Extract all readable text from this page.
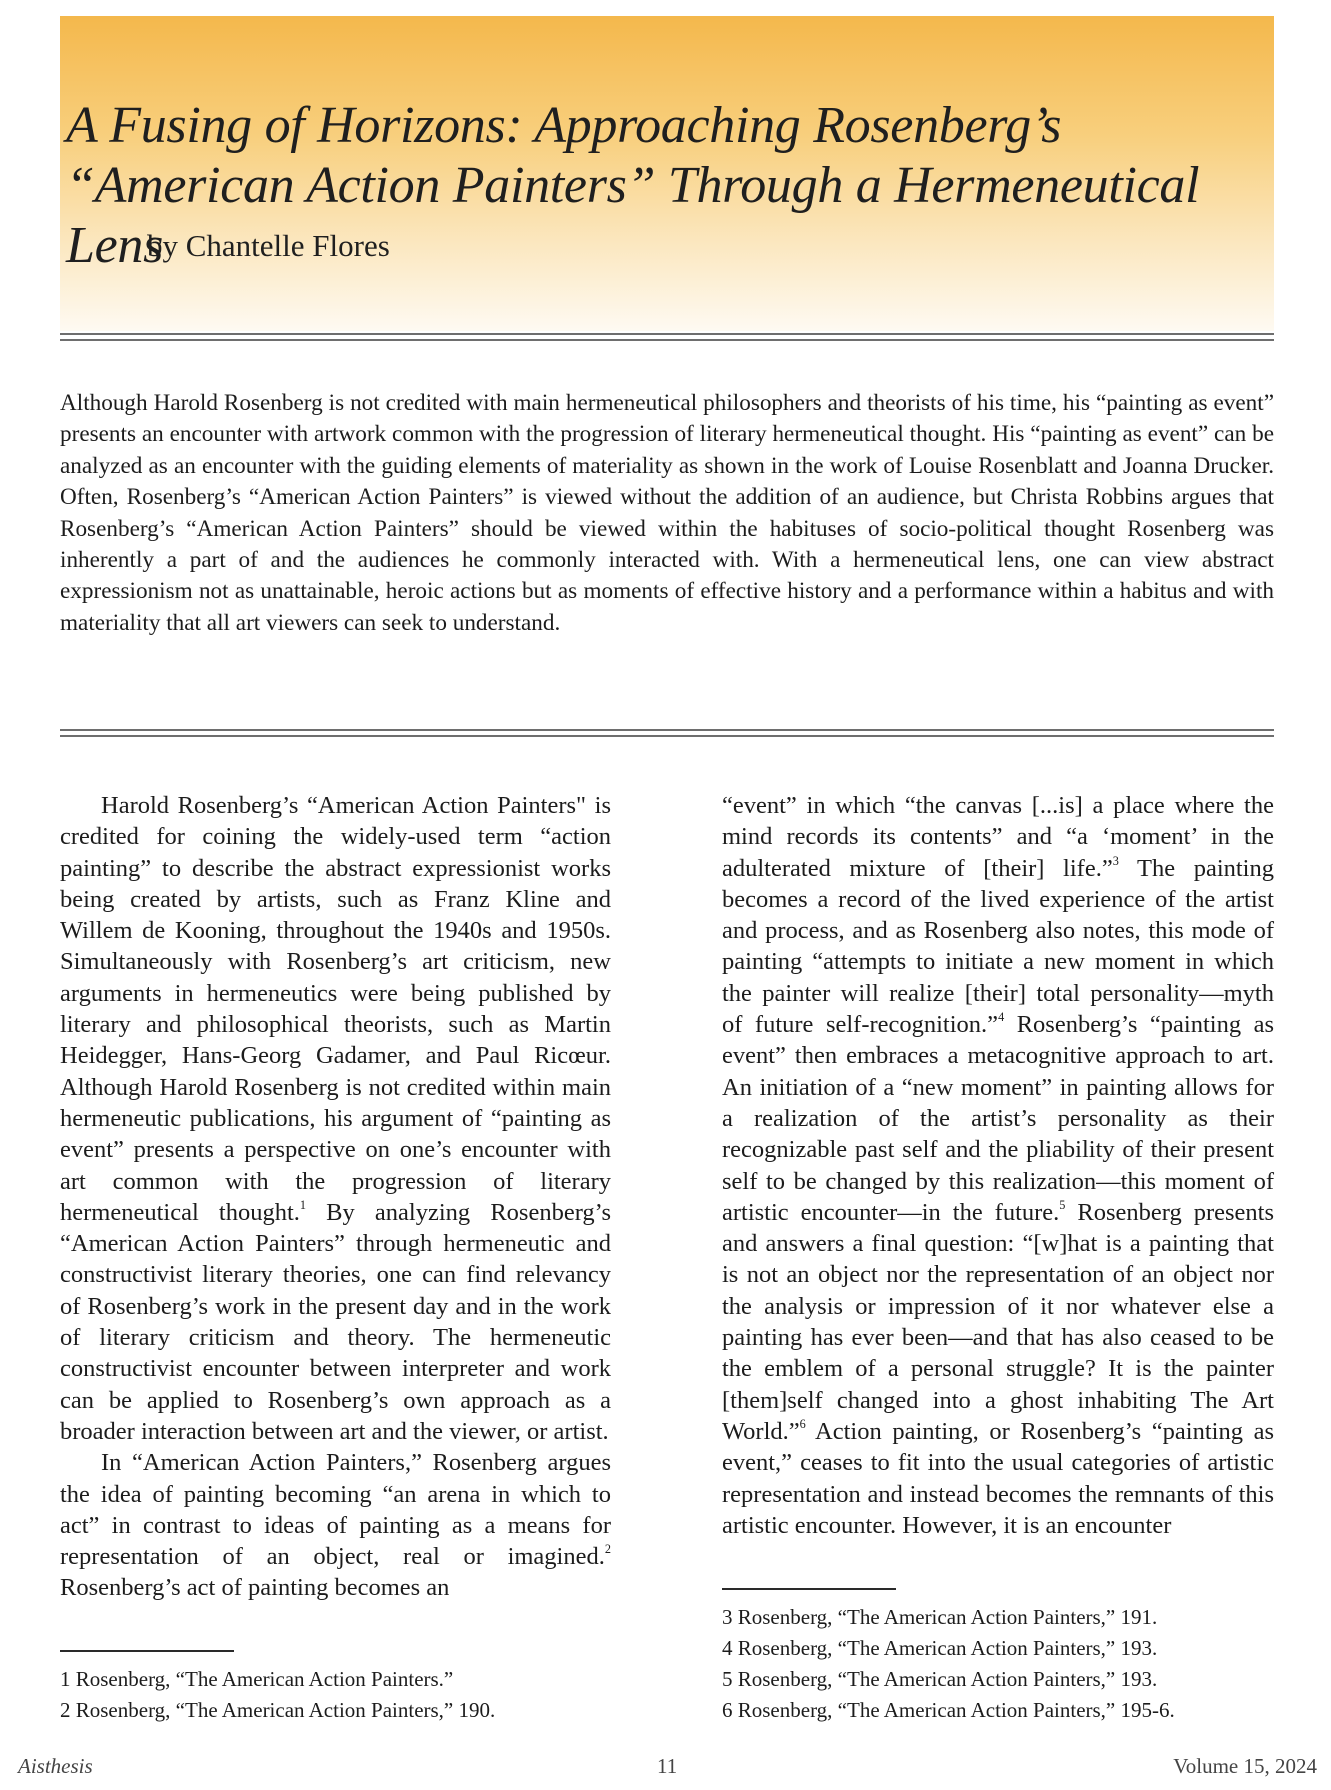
A Fusing of Horizons: Approaching Rosenberg’s “American Action Painters” Through a Hermeneutical Lens
by Chantelle Flores

Although Harold Rosenberg is not credited with main hermeneutical philosophers and theorists of his time, his “painting as event” presents an encounter with artwork common with the progression of literary hermeneutical thought. His “painting as event” can be analyzed as an encounter with the guiding elements of materiality as shown in the work of Louise Rosenblatt and Joanna Drucker. Often, Rosenberg’s “American Action Painters” is viewed without the addition of an audience, but Christa Robbins argues that Rosenberg’s “American Action Painters” should be viewed within the habituses of socio-political thought Rosenberg was inherently a part of and the audiences he commonly interacted with. With a hermeneutical lens, one can view abstract expressionism not as unattainable, heroic actions but as moments of effective history and a performance within a habitus and with materiality that all art viewers can seek to understand.

Harold Rosenberg’s “American Action Painters" is credited for coining the widely-used term “action painting” to describe the abstract expressionist works being created by artists, such as Franz Kline and Willem de Kooning, throughout the 1940s and 1950s. Simultaneously with Rosenberg’s art criticism, new arguments in hermeneutics were being published by literary and philosophical theorists, such as Martin Heidegger, Hans-Georg Gadamer, and Paul Ricœur. Although Harold Rosenberg is not credited within main hermeneutic publications, his argument of “painting as event” presents a perspective on one’s encounter with art common with the progression of literary hermeneutical thought.$^1$ By analyzing Rosenberg’s “American Action Painters” through hermeneutic and constructivist literary theories, one can find relevancy of Rosenberg’s work in the present day and in the work of literary criticism and theory. The hermeneutic constructivist encounter between interpreter and work can be applied to Rosenberg’s own approach as a broader interaction between art and the viewer, or artist.

In “American Action Painters,” Rosenberg argues the idea of painting becoming “an arena in which to act” in contrast to ideas of painting as a means for representation of an object, real or imagined.$^2$ Rosenberg’s act of painting becomes an

“event” in which “the canvas [...is] a place where the mind records its contents” and “a ‘moment’ in the adulterated mixture of [their] life.”$^3$ The painting becomes a record of the lived experience of the artist and process, and as Rosenberg also notes, this mode of painting “attempts to initiate a new moment in which the painter will realize [their] total personality—myth of future self-recognition.”$^4$ Rosenberg’s “painting as event” then embraces a metacognitive approach to art. An initiation of a “new moment” in painting allows for a realization of the artist’s personality as their recognizable past self and the pliability of their present self to be changed by this realization—this moment of artistic encounter—in the future.$^5$ Rosenberg presents and answers a final question: “[w]hat is a painting that is not an object nor the representation of an object nor the analysis or impression of it nor whatever else a painting has ever been—and that has also ceased to be the emblem of a personal struggle? It is the painter [them]self changed into a ghost inhabiting The Art World.”$^6$ Action painting, or Rosenberg’s “painting as event,” ceases to fit into the usual categories of artistic representation and instead becomes the remnants of this artistic encounter. However, it is an encounter

1 Rosenberg, “The American Action Painters.”
2 Rosenberg, “The American Action Painters,” 190.
3 Rosenberg, “The American Action Painters,” 191.
4 Rosenberg, “The American Action Painters,” 193.
5 Rosenberg, “The American Action Painters,” 193.
6 Rosenberg, “The American Action Painters,” 195-6.
Aisthesis	11	Volume 15, 2024
